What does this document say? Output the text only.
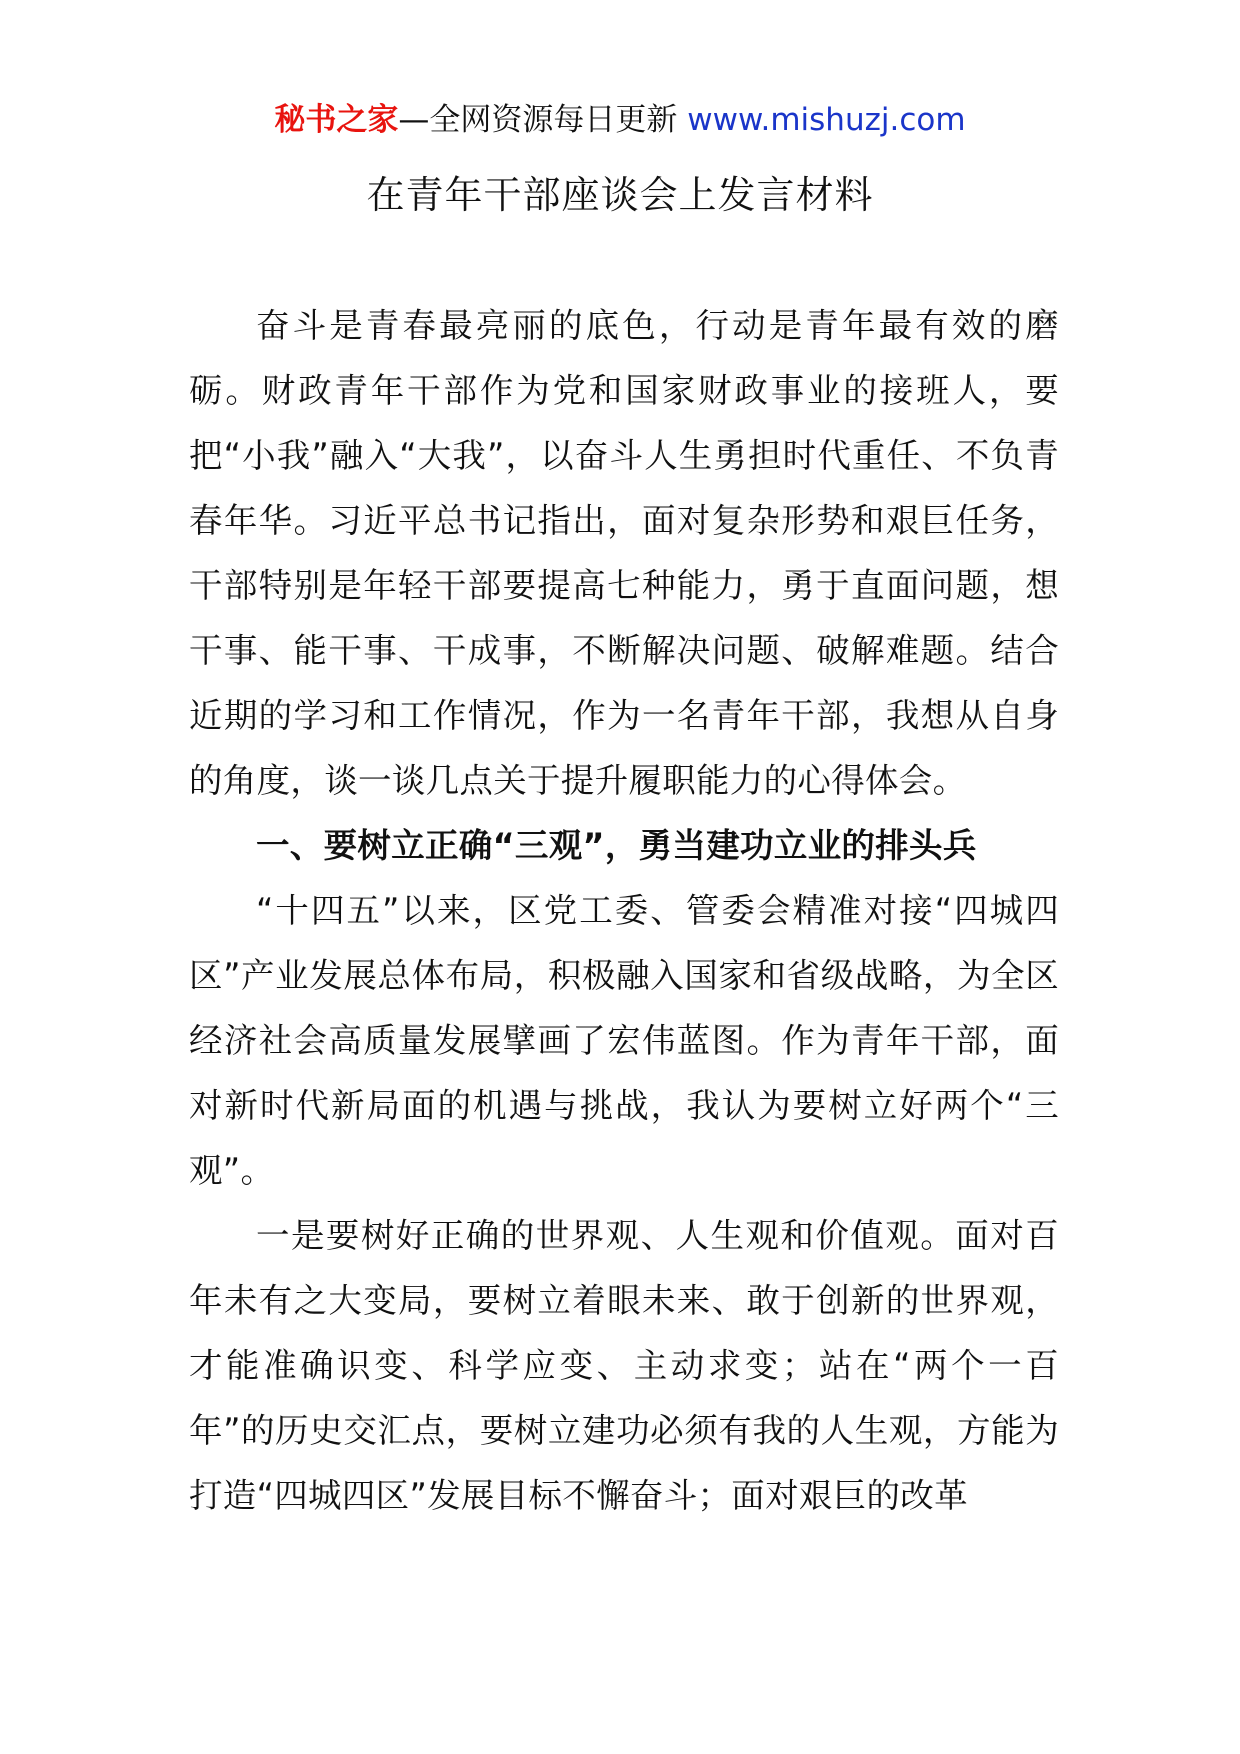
秘书之家—全网资源每日更新 www.mishuzj.com
在青年干部座谈会上发言材料

奋斗是青春最亮丽的底色，行动是青年最有效的磨砺。财政青年干部作为党和国家财政事业的接班人，要把“小我”融入“大我”，以奋斗人生勇担时代重任、不负青春年华。习近平总书记指出，面对复杂形势和艰巨任务，干部特别是年轻干部要提高七种能力，勇于直面问题，想干事、能干事、干成事，不断解决问题、破解难题。结合近期的学习和工作情况，作为一名青年干部，我想从自身的角度，谈一谈几点关于提升履职能力的心得体会。

一、要树立正确“三观”，勇当建功立业的排头兵

“十四五”以来，区党工委、管委会精准对接“四城四区”产业发展总体布局，积极融入国家和省级战略，为全区经济社会高质量发展擘画了宏伟蓝图。作为青年干部，面对新时代新局面的机遇与挑战，我认为要树立好两个“三观”。

一是要树好正确的世界观、人生观和价值观。面对百年未有之大变局，要树立着眼未来、敢于创新的世界观，才能准确识变、科学应变、主动求变；站在“两个一百年”的历史交汇点，要树立建功必须有我的人生观，方能为打造“四城四区”发展目标不懈奋斗；面对艰巨的改革
